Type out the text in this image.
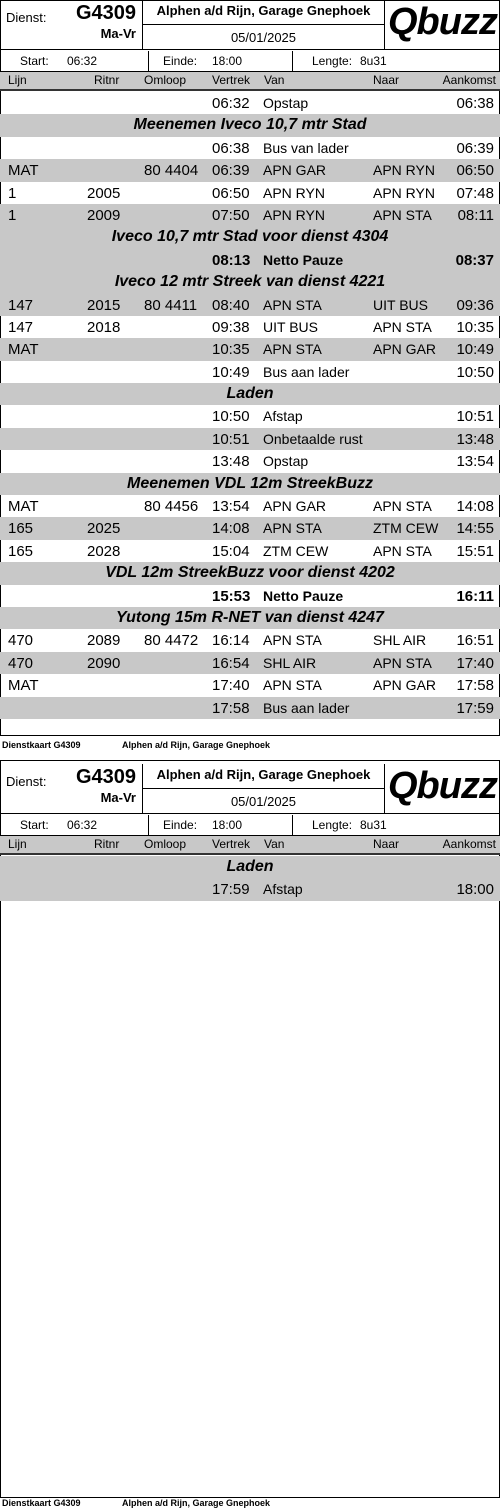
Dienst: G4309
Ma-Vr
Alphen a/d Rijn, Garage Gnephoek
05/01/2025	Qbuzz
Start: 06:32	Einde: 18:00	Lengte: 8u31
Lijn	Ritnr Omloop Vertrek Van	Naar	Aankomst
06:32 Opstap	06:38
Meenemen Iveco 10,7 mtr Stad
06:38 Bus van lader	06:39
MAT	80 4404 06:39 APN GAR	APN RYN 06:50
1	2005	06:50 APN RYN	APN RYN 07:48
1	2009	07:50 APN RYN	APN STA 08:11
Iveco 10,7 mtr Stad voor dienst 4304
08:13 Netto Pauze	08:37
Iveco 12 mtr Streek van dienst 4221
147	2015 80 4411 08:40 APN STA	UIT BUS 09:36
147	2018	09:38 UIT BUS	APN STA 10:35
MAT	10:35 APN STA	APN GAR 10:49
10:49 Bus aan lader	10:50
Laden
10:50 Afstap	10:51
10:51 Onbetaalde rust	13:48
13:48 Opstap	13:54
Meenemen VDL 12m StreekBuzz
MAT	80 4456 13:54 APN GAR	APN STA 14:08
165	2025	14:08 APN STA	ZTM CEW 14:55
165	2028	15:04 ZTM CEW	APN STA 15:51
VDL 12m StreekBuzz voor dienst 4202
15:53 Netto Pauze	16:11
Yutong 15m R-NET van dienst 4247
470	2089 80 4472 16:14 APN STA	SHL AIR 16:51
470	2090	16:54 SHL AIR	APN STA 17:40
MAT	17:40 APN STA	APN GAR 17:58
17:58 Bus aan lader	17:59
Dienstkaart G4309	Alphen a/d Rijn, Garage Gnephoek
Dienst: G4309
Ma-Vr
Alphen a/d Rijn, Garage Gnephoek
05/01/2025	Qbuzz
Start: 06:32	Einde: 18:00	Lengte: 8u31
Lijn	Ritnr Omloop Vertrek Van	Naar	Aankomst
Laden
17:59 Afstap	18:00
Dienstkaart G4309	Alphen a/d Rijn, Garage Gnephoek
